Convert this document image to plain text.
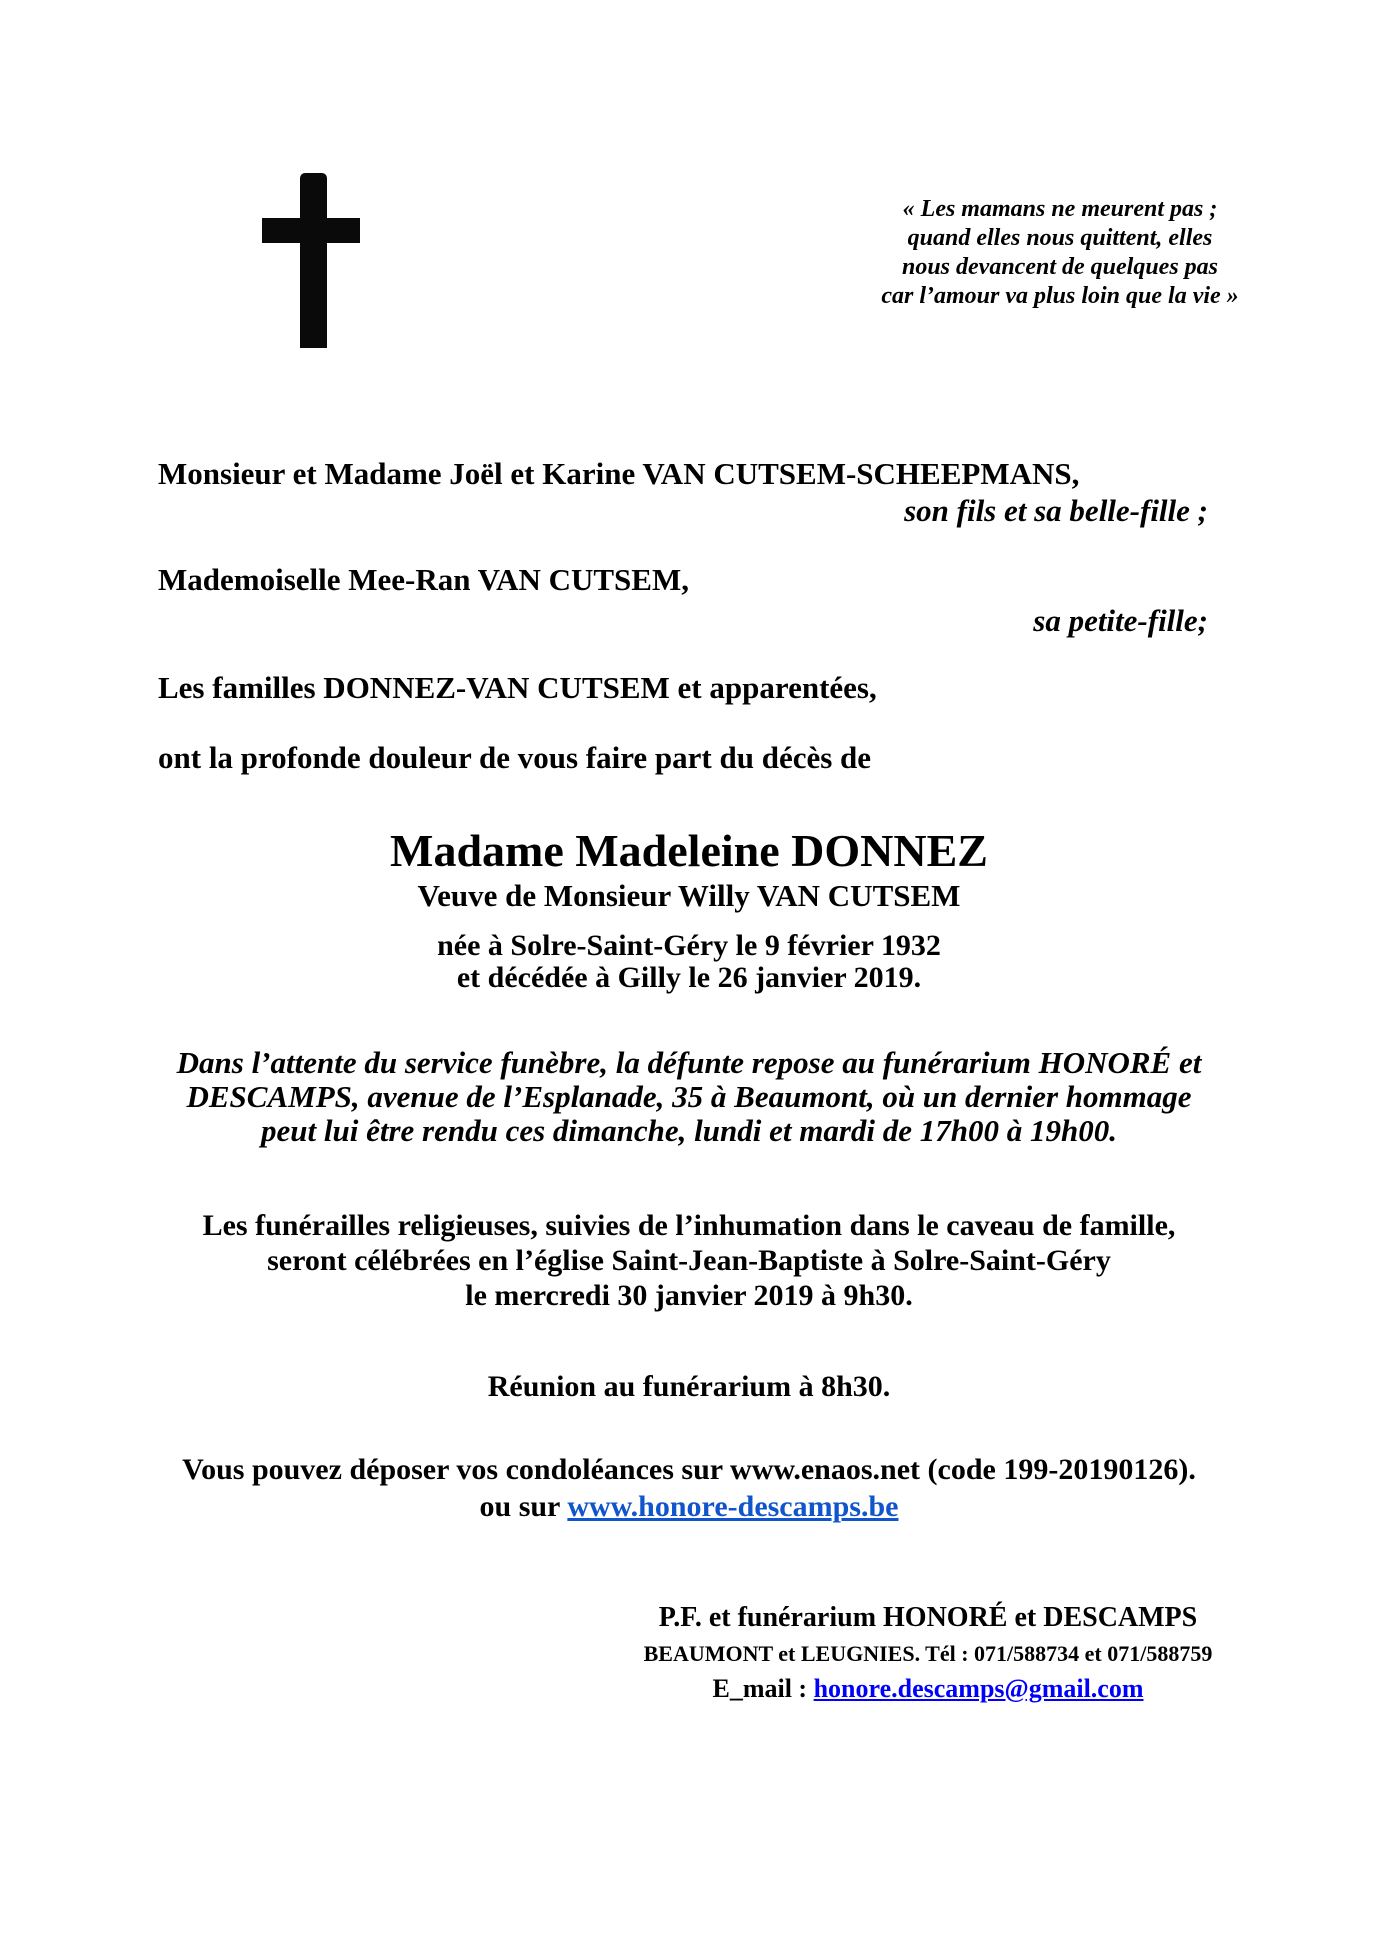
« Les mamans ne meurent pas ;
quand elles nous quittent, elles
nous devancent de quelques pas
car l’amour va plus loin que la vie »
Monsieur et Madame Joël et Karine VAN CUTSEM-SCHEEPMANS,
son fils et sa belle-fille ;
Mademoiselle Mee-Ran VAN CUTSEM,
sa petite-fille;
Les familles DONNEZ-VAN CUTSEM et apparentées,
ont la profonde douleur de vous faire part du décès de
Madame Madeleine DONNEZ
Veuve de Monsieur Willy VAN CUTSEM
née à Solre-Saint-Géry le 9 février 1932
et décédée à Gilly le 26 janvier 2019.
Dans l’attente du service funèbre, la défunte repose au funérarium HONORÉ et
DESCAMPS, avenue de l’Esplanade, 35 à Beaumont, où un dernier hommage
peut lui être rendu ces dimanche, lundi et mardi de 17h00 à 19h00.
Les funérailles religieuses, suivies de l’inhumation dans le caveau de famille,
seront célébrées en l’église Saint-Jean-Baptiste à Solre-Saint-Géry
le mercredi 30 janvier 2019 à 9h30.
Réunion au funérarium à 8h30.
Vous pouvez déposer vos condoléances sur www.enaos.net (code 199-20190126).
ou sur www.honore-descamps.be
P.F. et funérarium HONORÉ et DESCAMPS
BEAUMONT et LEUGNIES. Tél : 071/588734 et 071/588759
E_mail : honore.descamps@gmail.com
